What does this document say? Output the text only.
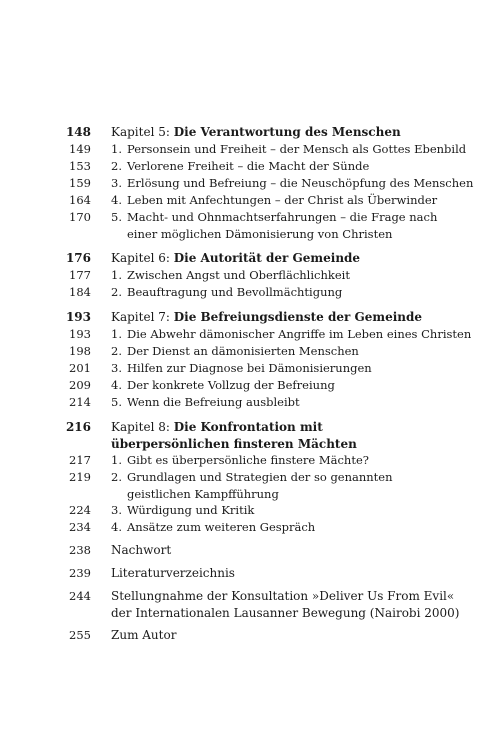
148 Kapitel 5: Die Verantwortung des Menschen
149 1. Personsein und Freiheit – der Mensch als Gottes Ebenbild
153 2. Verlorene Freiheit – die Macht der Sünde
159 3. Erlösung und Befreiung – die Neuschöpfung des Menschen
164 4. Leben mit Anfechtungen – der Christ als Überwinder
170 5. Macht- und Ohnmachtserfahrungen – die Frage nach
einer möglichen Dämonisierung von Christen
176 Kapitel 6: Die Autorität der Gemeinde
177 1. Zwischen Angst und Oberflächlichkeit
184 2. Beauftragung und Bevollmächtigung
193 Kapitel 7: Die Befreiungsdienste der Gemeinde
193 1. Die Abwehr dämonischer Angriffe im Leben eines Christen
198 2. Der Dienst an dämonisierten Menschen
201 3. Hilfen zur Diagnose bei Dämonisierungen
209 4. Der konkrete Vollzug der Befreiung
214 5. Wenn die Befreiung ausbleibt
216 Kapitel 8: Die Konfrontation mit
überpersönlichen finsteren Mächten
217 1. Gibt es überpersönliche finstere Mächte?
219 2. Grundlagen und Strategien der so genannten
geistlichen Kampfführung
224 3. Würdigung und Kritik
234 4. Ansätze zum weiteren Gespräch
238 Nachwort
239 Literaturverzeichnis
244 Stellungnahme der Konsultation »Deliver Us From Evil«
der Internationalen Lausanner Bewegung (Nairobi 2000)
255 Zum Autor
